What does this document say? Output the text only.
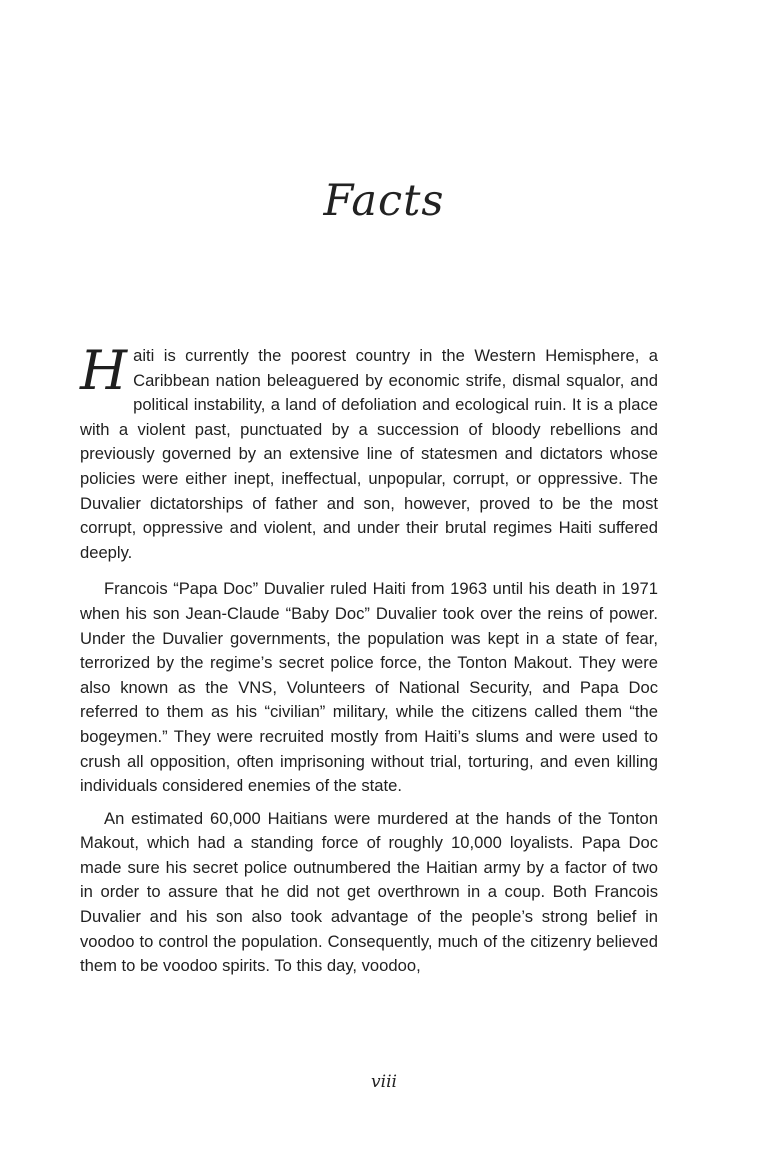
Facts

Haiti is currently the poorest country in the Western Hemisphere, a Caribbean nation beleaguered by economic strife, dismal squalor, and political instability, a land of defoliation and ecological ruin. It is a place with a violent past, punctuated by a succession of bloody rebellions and previously governed by an extensive line of statesmen and dictators whose policies were either inept, ineffectual, unpopular, corrupt, or oppressive. The Duvalier dictatorships of father and son, however, proved to be the most corrupt, oppressive and violent, and under their brutal regimes Haiti suffered deeply.

Francois “Papa Doc” Duvalier ruled Haiti from 1963 until his death in 1971 when his son Jean-Claude “Baby Doc” Duvalier took over the reins of power. Under the Duvalier governments, the population was kept in a state of fear, terrorized by the regime’s secret police force, the Tonton Makout. They were also known as the VNS, Volunteers of National Security, and Papa Doc referred to them as his “civilian” military, while the citizens called them “the bogeymen.” They were recruited mostly from Haiti’s slums and were used to crush all opposition, often imprisoning without trial, torturing, and even killing individuals considered enemies of the state.

An estimated 60,000 Haitians were murdered at the hands of the Tonton Makout, which had a standing force of roughly 10,000 loyalists. Papa Doc made sure his secret police outnumbered the Haitian army by a factor of two in order to assure that he did not get overthrown in a coup. Both Francois Duvalier and his son also took advantage of the people’s strong belief in voodoo to control the population. Consequently, much of the citizenry believed them to be voodoo spirits. To this day, voodoo,

viii
